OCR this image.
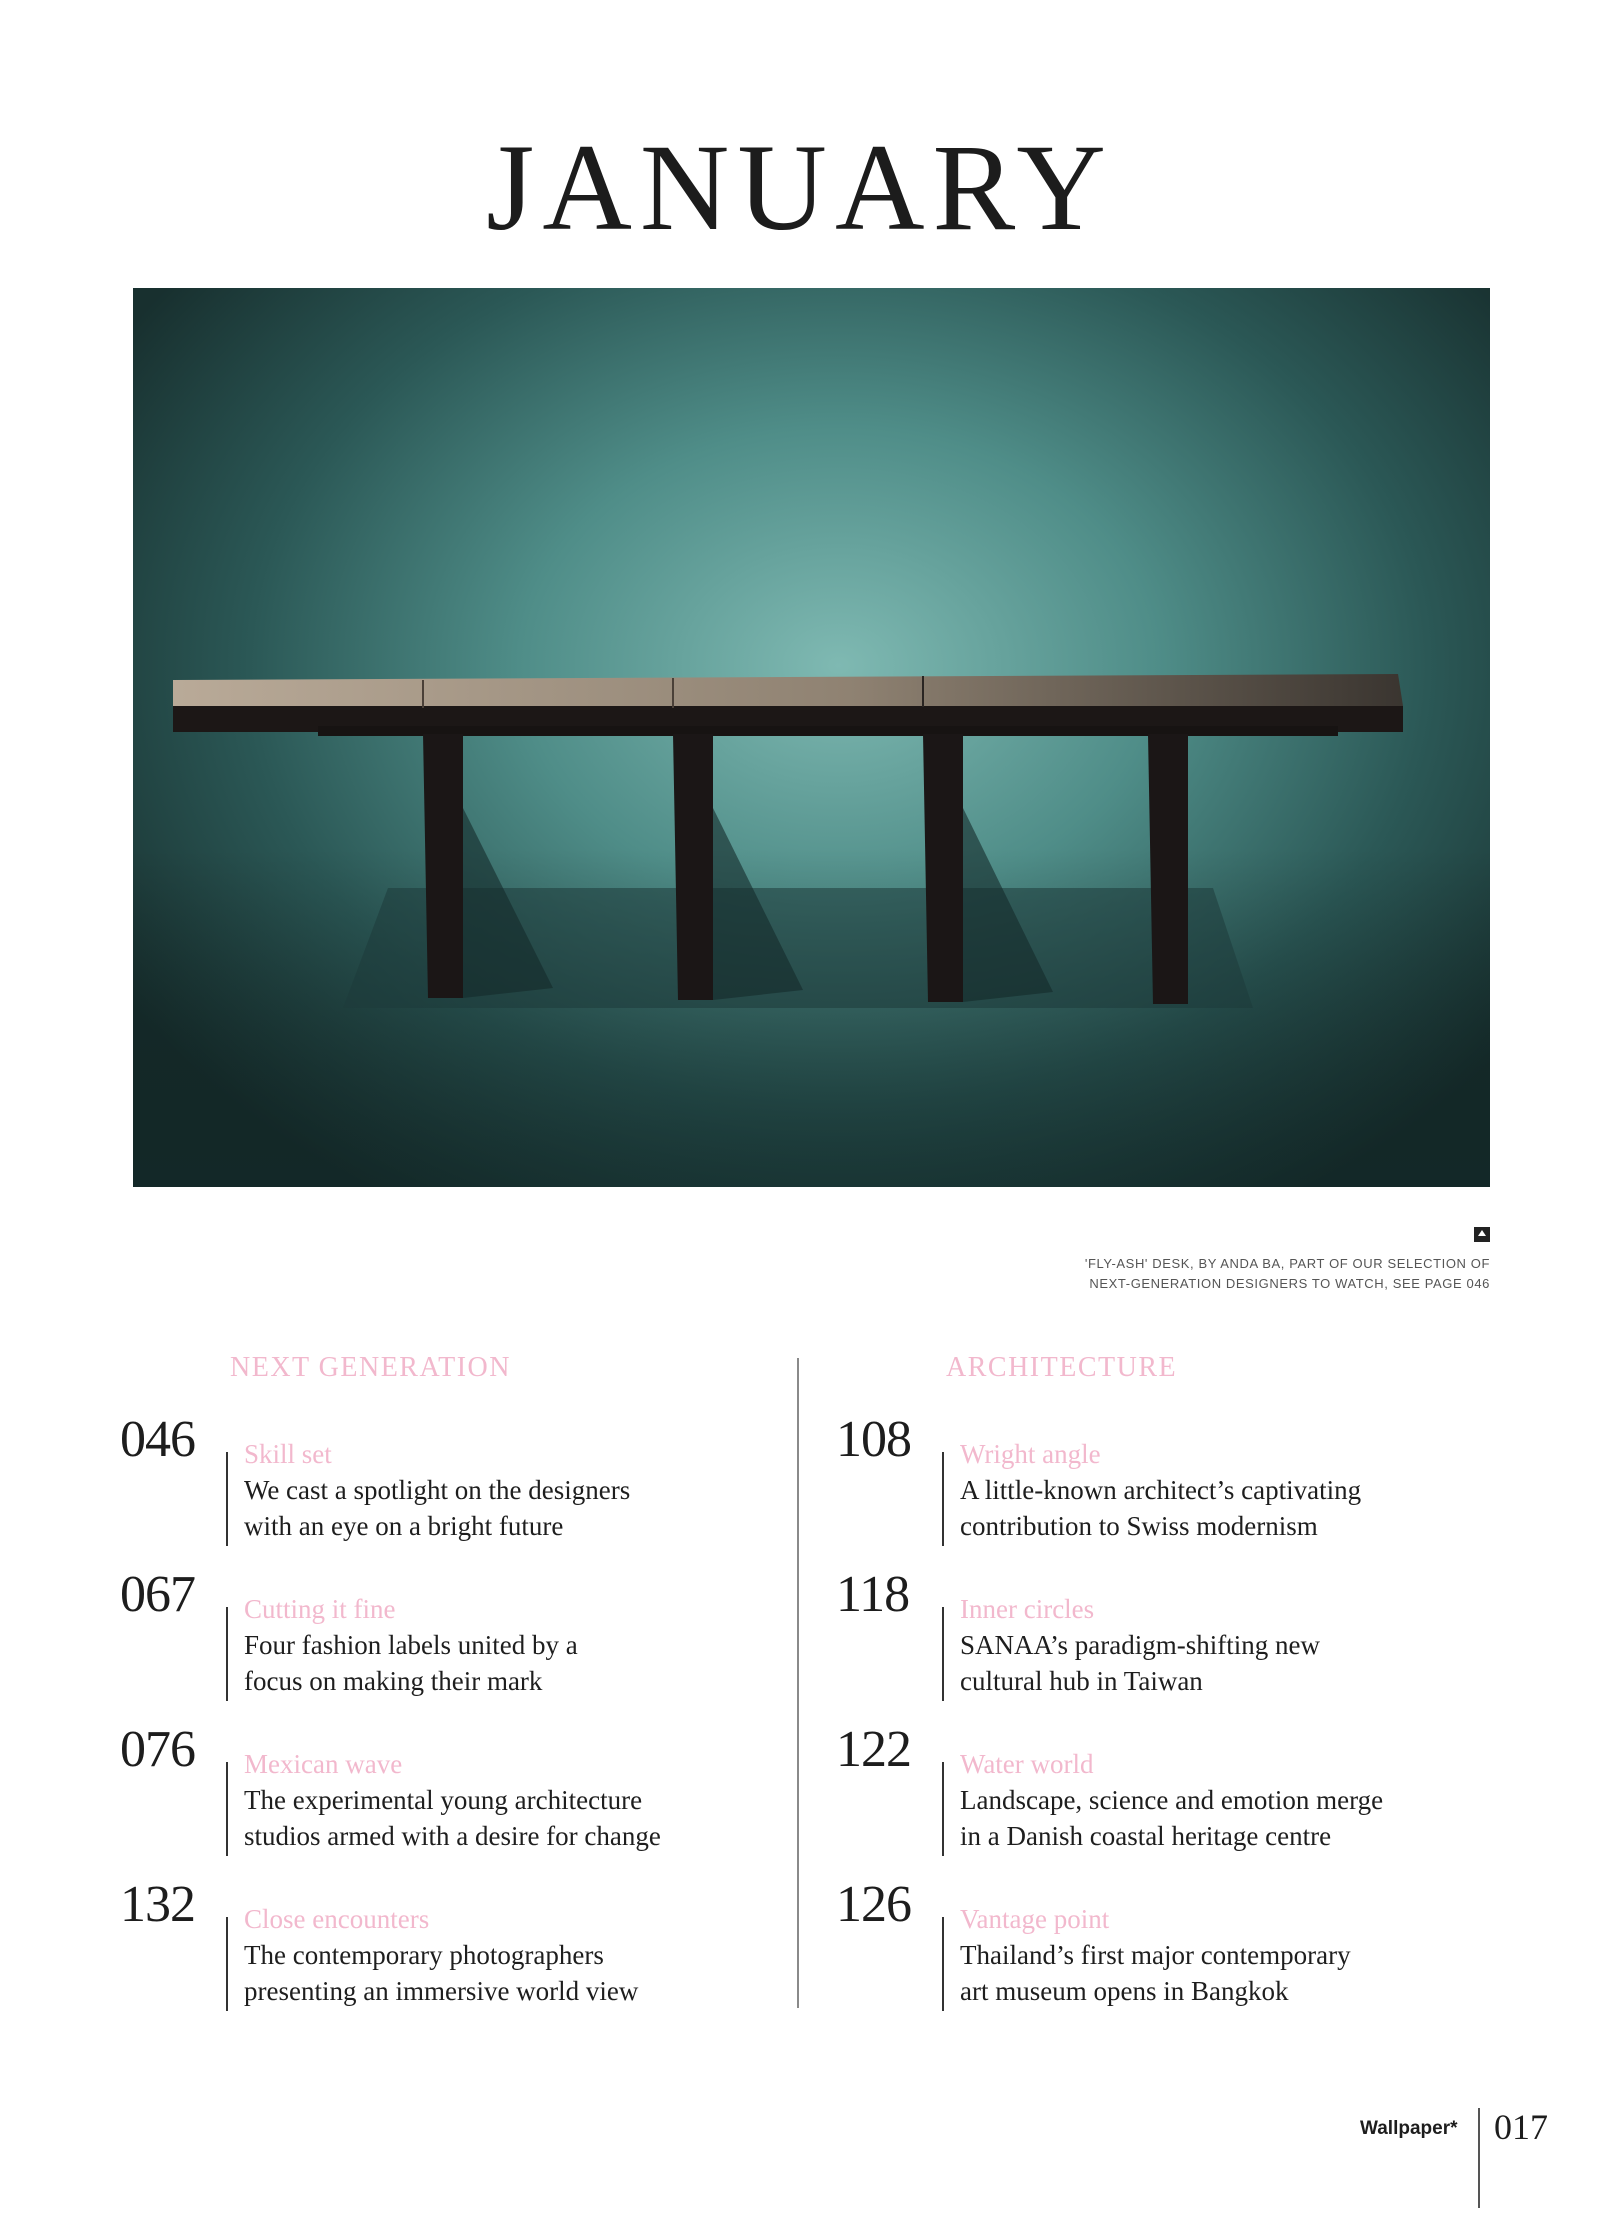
JANUARY
'FLY-ASH' DESK, BY ANDA BA, PART OF OUR SELECTION OF
NEXT-GENERATION DESIGNERS TO WATCH, SEE PAGE 046
NEXT GENERATION
046 Skill set
We cast a spotlight on the designers
with an eye on a bright future
067 Cutting it fine
Four fashion labels united by a
focus on making their mark
076 Mexican wave
The experimental young architecture
studios armed with a desire for change
132 Close encounters
The contemporary photographers
presenting an immersive world view
ARCHITECTURE
108 Wright angle
A little-known architect’s captivating
contribution to Swiss modernism
118 Inner circles
SANAA’s paradigm-shifting new
cultural hub in Taiwan
122 Water world
Landscape, science and emotion merge
in a Danish coastal heritage centre
126 Vantage point
Thailand’s first major contemporary
art museum opens in Bangkok
Wallpaper* 017
